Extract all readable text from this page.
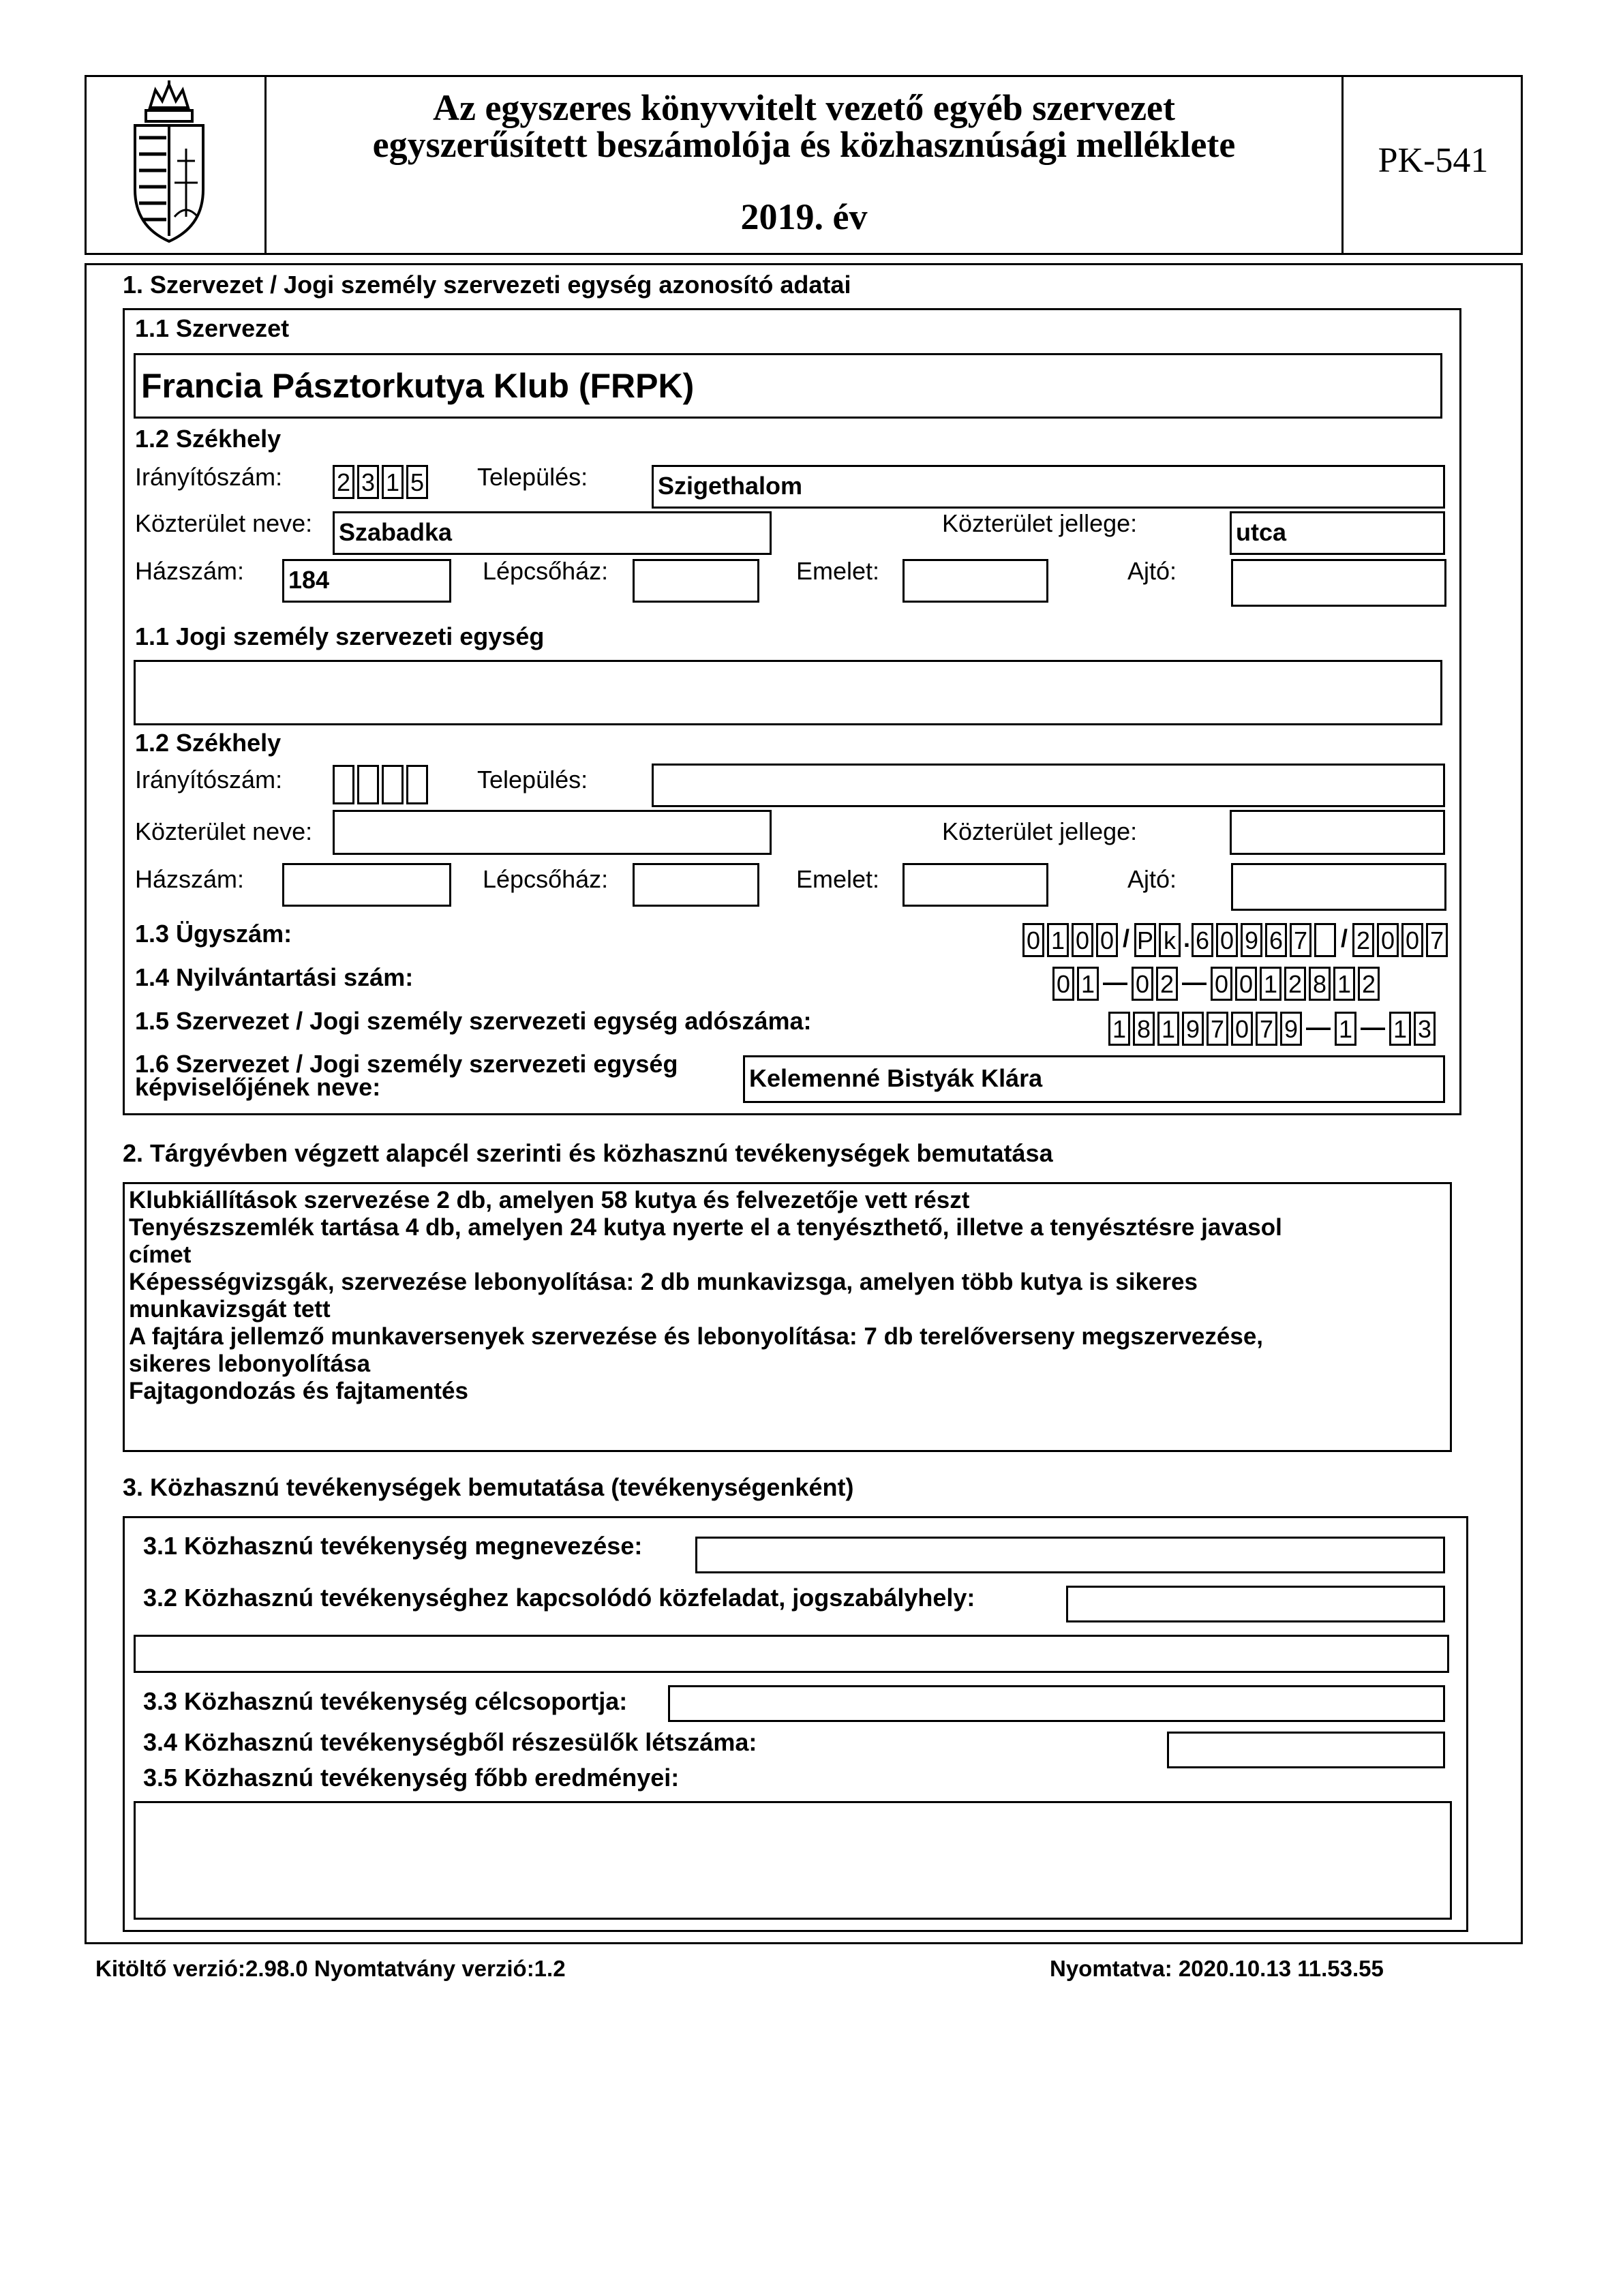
Az egyszeres könyvvitelt vezető egyéb szervezet
egyszerűsített beszámolója és közhasznúsági melléklete
2019. év
PK-541
1. Szervezet / Jogi személy szervezeti egység azonosító adatai
1.1 Szervezet
Francia Pásztorkutya Klub (FRPK)
1.2 Székhely
Irányítószám: 2 3 1 5 Település:	Szigethalom
Közterület neve: Szabadka	Közterület jellege:	utca
Házszám: 184	Lépcsőház:	Emelet:	Ajtó:
1.1 Jogi személy szervezeti egység
1.2 Székhely
Irányítószám:	Település:
Közterület neve:	Közterület jellege:
Házszám:	Lépcsőház:	Emelet:	Ajtó:
1.3 Ügyszám:	0 1 0 0 / P k . 6 0 9 6 7 / 2 0 0 7
1.4 Nyilvántartási szám:	0 1 — 0 2 — 0 0 1 2 8 1 2
1.5 Szervezet / Jogi személy szervezeti egység adószáma:	1 8 1 9 7 0 7 9 — 1 — 1 3
1.6 Szervezet / Jogi személy szervezeti egység
képviselőjének neve:	Kelemenné Bistyák Klára
2. Tárgyévben végzett alapcél szerinti és közhasznú tevékenységek bemutatása
Klubkiállítások szervezése 2 db, amelyen 58 kutya és felvezetője vett részt
Tenyészszemlék tartása 4 db, amelyen 24 kutya nyerte el a tenyészthető, illetve a tenyésztésre javasol
címet
Képességvizsgák, szervezése lebonyolítása: 2 db munkavizsga, amelyen több kutya is sikeres
munkavizsgát tett
A fajtára jellemző munkaversenyek szervezése és lebonyolítása: 7 db terelőverseny megszervezése,
sikeres lebonyolítása
Fajtagondozás és fajtamentés
3. Közhasznú tevékenységek bemutatása (tevékenységenként)
3.1 Közhasznú tevékenység megnevezése:
3.2 Közhasznú tevékenységhez kapcsolódó közfeladat, jogszabályhely:
3.3 Közhasznú tevékenység célcsoportja:
3.4 Közhasznú tevékenységből részesülők létszáma:
3.5 Közhasznú tevékenység főbb eredményei:
Kitöltő verzió:2.98.0 Nyomtatvány verzió:1.2	Nyomtatva: 2020.10.13 11.53.55
